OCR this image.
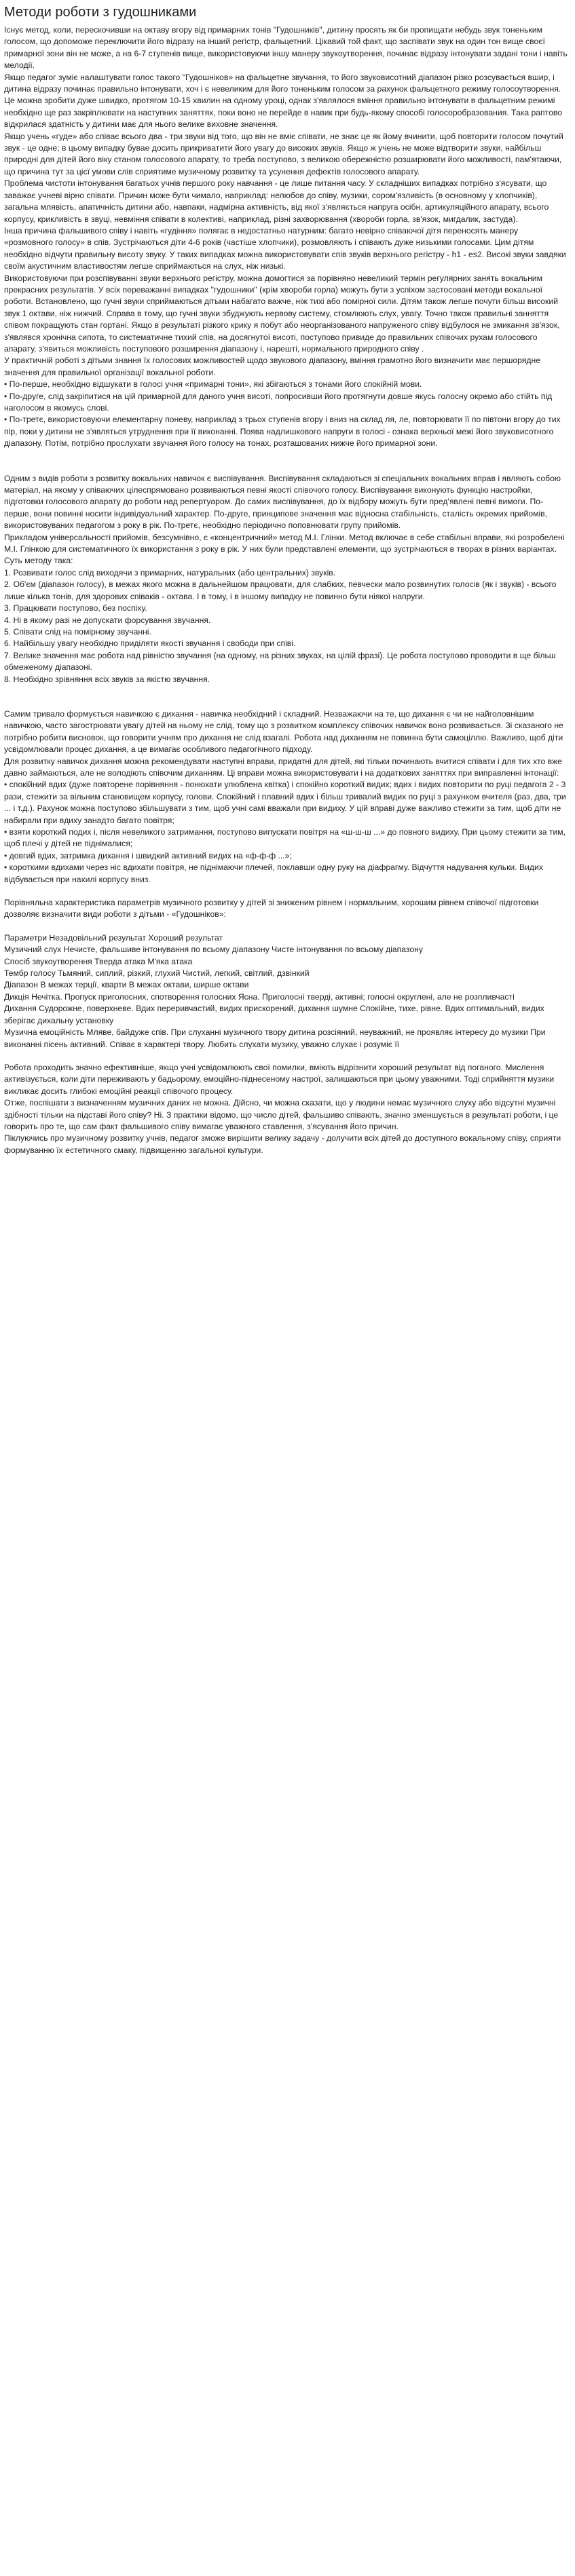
Методи роботи з гудошниками

Існує метод, коли, перескочивши на октаву вгору від примарних тонів "Гудошників", дитину просять як би пропищати небудь звук тоненьким голосом, що допоможе переключити його відразу на інший регістр, фальцетний. Цікавий той факт, що заспівати звук на один тон вище своєї примарної зони він не може, а на 6-7 ступенів вище, використовуючи іншу манеру звукоутворення, починає відразу інтонувати задані тони і навіть мелодії.

Якщо педагог зуміє налаштувати голос такого "Гудошніков» на фальцетне звучання, то його звуковисотний діапазон різко розсувається вшир, і дитина відразу починає правильно інтонувати, хоч і є невеликим для його тоненьким голосом за рахунок фальцетного режиму голосоутворення. Це можна зробити дуже швидко, протягом 10-15 хвилин на одному уроці, однак з'являлося вміння правильно інтонувати в фальцетним режимі необхідно ще раз закріплювати на наступних заняттях, поки воно не перейде в навик при будь-якому способі голосоробразования. Така раптово відкрилася здатність у дитини має для нього велике виховне значення.

Якщо учень «гуде» або співає всього два - три звуки від того, що він не вміє співати, не знає це як йому вчинити, щоб повторити голосом почутий звук - це одне; в цьому випадку бувае досить прикриватити його увагу до високих звуків. Якщо ж учень не може відтворити звуки, найбільш природні для дітей його віку станом голосового апарату, то треба поступово, з великою обережністю розширювати його можливості, пам'ятаючи, що причина тут за цієї умови слів сприятиме музичному розвитку та усунення дефектів голосового апарату.

Проблема чистоти інтонування багатьох учнів першого року навчання - це лише питання часу. У складніших випадках потрібно з'ясувати, що заважає учневі вірно співати. Причин може бути чимало, наприклад: нелюбов до співу, музики, сором'язливість (в основному у хлопчиків), загальна млявість, апатичність дитини або, навпаки, надмірна активність, від якої з'являється напруга осібн, артикуляційного апарату, всього корпусу, крикливість в звуці, невміння співати в колективі, наприклад, різні захворювання (хвороби горла, зв'язок, мигдалик, застуда).

Інша причина фальшивого співу і навіть «гудіння» полягає в недостатньо натурним: багато невірно співаючої дітя переносять манеру «розмовного голосу» в спів. Зустрічаються діти 4-6 років (частіше хлопчики), розмовляють і співають дуже низькими голосами. Цим дітям необхідно відчути правильну висоту звуку. У таких випадках можна використовувати спів звуків верхнього регістру - h1 - es2. Високі звуки завдяки своїм акустичним властивостям легше сприймаються на слух, ніж низькі.

Використовуючи при розспівуванні звуки верхнього регістру, можна домогтися за порівняно невеликий термін регулярних занять вокальним прекрасних результатів. У всіх переважанні випадках "гудошники" (крім хвороби горла) можуть бути з успіхом застосовані методи вокальної роботи. Встановлено, що гучні звуки сприймаються дітьми набагато важче, ніж тихі або помірної сили. Дітям також легше почути більш високий звук 1 октави, ніж нижчий. Справа в тому, що гучні звуки збуджують нервову систему, стомлюють слух, увагу. Точно також правильні занняття співом покращують стан гортані. Якщо в результаті різкого крику я побут або неорганізованого напруженого співу відбулося не змикання зв'язок, з'являвся хронічна сипота, то систематичне тихий спів, на досягнутої висоті, поступово привиде до правильних співочих рухам голосового апарату, з'явиться можливість поступового розширення діапазону і, нарешті, нормального природного співу .

У практичній роботі з дітьми знання їх голосових можливостей щодо звукового діапазону, вміння грамотно його визначити має першорядне значення для правильної організації вокальної роботи.

• По-перше, необхідно відшукати в голосі учня «примарні тони», які збігаються з тонами його спокійній мови.

• По-друге, слід закріпитися на цій примарной для даного учня висоті, попросивши його протягнути довше якусь голосну окремо або стійть під наголосом в якомусь слові.

• По-третє, використовуючи елементарну поневу, наприклад з трьох ступенів вгору і вниз на склад ля, ле, повторювати її по півтони вгору до тих пір, поки у дитини не з'являться утруднення при її виконанні. Поява надлишкового напруги в голосі - ознака верхньої межі його звуковисотного діапазону. Потім, потрібно прослухати звучання його голосу на тонах, розташованих нижче його примарної зони.

Одним з видів роботи з розвитку вокальних навичок є виспівування. Виспівування складаються зі спеціальних вокальних вправ і являють собою матеріал, на якому у співаючих цілеспрямовано розвиваються певні якості співочого голосу. Виспівування виконують функцію настройки, підготовки голосового апарату до роботи над репертуаром. До самих виспівування, до їх відбору можуть бути пред'явлені певні вимоги. По-перше, вони повинні носити індивідуальний характер. По-друге, принципове значення має відносна стабільність, сталість окремих прийомів, використовуваних педагогом з року в рік. По-третє, необхідно періодично поповнювати групу прийомів.

Прикладом універсальності прийомів, безсумнівно, є «концентричний» метод М.І. Глінки. Метод включає в себе стабільні вправи, які розробелені М.І. Глінкою для систематичного їх використання з року в рік. У них були представлені елементи, що зустрічаються в творах в різних варіантах. Суть методу така:

1. Розвивати голос слід виходячи з примарних, натуральних (або центральних) звуків.

2. Об'єм (діапазон голосу), в межах якого можна в дальнейшом працювати, для слабких, певчески мало розвинутих голосів (як і звуків) - всього лише кілька тонів, для здорових співаків - октава. І в тому, і в іншому випадку не повинно бути ніякої напруги.

3. Працювати поступово, без поспіху.

4. Ні в якому разі не допускати форсування звучання.

5. Співати слід на помірному звучанні.

6. Найбільшу увагу необхідно приділяти якості звучання і свободи при співі.

7. Велике значення має робота над рівністю звучання (на одному, на різних звуках, на цілій фразі). Це робота поступово проводити в ще більш обмеженому діапазоні.

8. Необхідно зрівняння всіх звуків за якістю звучання.

Самим тривало формується навичкою є дихання - навичка необхідний і складний. Незважаючи на те, що дихання є чи не найголовнішим навичкою, часто загострювати увагу дітей на ньому не слід, тому що з розвитком комплексу співочих навичок воно розвивається. Зі сказаного не потрібно робити висновок, що говорити учням про дихання не слід взагалі. Робота над диханням не повинна бути самоціллю. Важливо, щоб діти усвідомлювали процес дихання, а це вимагає особливого педагогічного підходу.

Для розвитку навичок дихання можна рекомендувати наступні вправи, придатні для дітей, які тільки починають вчитися співати і для тих хто вже давно займаються, але не володіють співочим диханням. Ці вправи можна використовувати і на додаткових заняттях при виправленні інтонації:

• спокійний вдих (дуже повторене порівняння - понюхати улюблена квітка) і спокійно короткий видих; вдих і видих повторити по руці педагога 2 - 3 рази, стежити за вільним становищем корпусу, голови. Спокійний і плавний вдих і більш тривалий видих по руці з рахунком вчителя (раз, два, три ... і т.д.). Рахунок можна поступово збільшувати з тим, щоб учні самі вважали при видиху. У цій вправі дуже важливо стежити за тим, щоб діти не набирали при вдиху занадто багато повітря;

• взяти короткий подих і, після невеликого затримання, поступово випускати повітря на «ш-ш-ш ...» до повного видиху. При цьому стежити за тим, щоб плечі у дітей не піднімалися;

• довгий вдих, затримка дихання і швидкий активний видих на «ф-ф-ф ...»;

• короткими вдихами через ніс вдихати повітря, не піднімаючи плечей, поклавши одну руку на діафрагму. Відчуття надування кульки. Видих відбувається при нахилі корпусу вниз.

Порівняльна характеристика параметрів музичного розвитку у дітей зі зниженим рівнем і нормальним, хорошим рівнем співочої підготовки дозволяє визначити види роботи з дітьми - «Гудошніков»:

Параметри Незадовільний результат Хороший результат

Музичний слух Нечисте, фальшиве інтонування по всьому діапазону Чисте інтонування по всьому діапазону

Спосіб звукоутворення Тверда атака М'яка атака

Тембр голосу Тьмяний, сиплий, різкий, глухий Чистий, легкий, світлий, дзвінкий

Діапазон В межах терції, кварти В межах октави, ширше октави

Дикція Нечітка. Пропуск приголосних, спотворення голосних Ясна. Приголосні тверді, активні; голосні округлені, але не розпливчасті

Дихання Судорожне, поверхневе. Вдих переривчастий, видих прискорений, дихання шумне Спокійне, тихе, рівне. Вдих оптимальний, видих зберігає дихальну установку

Музична емоційність Мляве, байдуже спів. При слуханні музичного твору дитина розсіяний, неуважний, не проявляє інтересу до музики При виконанні пісень активний. Співає в характері твору. Любить слухати музику, уважно слухає і розуміє її

Робота проходить значно ефективніше, якщо учні усвідомлюють свої помилки, вміють відрізнити хороший результат від поганого. Мислення активізується, коли діти переживають у бадьорому, емоційно-піднесеному настрої, залишаються при цьому уважними. Тоді сприйняття музики викликає досить глибокі емоційні реакції співочого процесу.

Отже, поспішати з визначенням музичних даних не можна. Дійсно, чи можна сказати, що у людини немає музичного слуху або відсутні музичні здібності тільки на підставі його співу? Ні. З практики відомо, що число дітей, фальшиво співають, значно зменшується в результаті роботи, і це говорить про те, що сам факт фальшивого співу вимагає уважного ставлення, з'ясування його причин.

Піклуючись про музичному розвитку учнів, педагог зможе вирішити велику задачу - долучити всіх дітей до доступного вокальному співу, сприяти формуванню їх естетичного смаку, підвищенню загальної культури.
